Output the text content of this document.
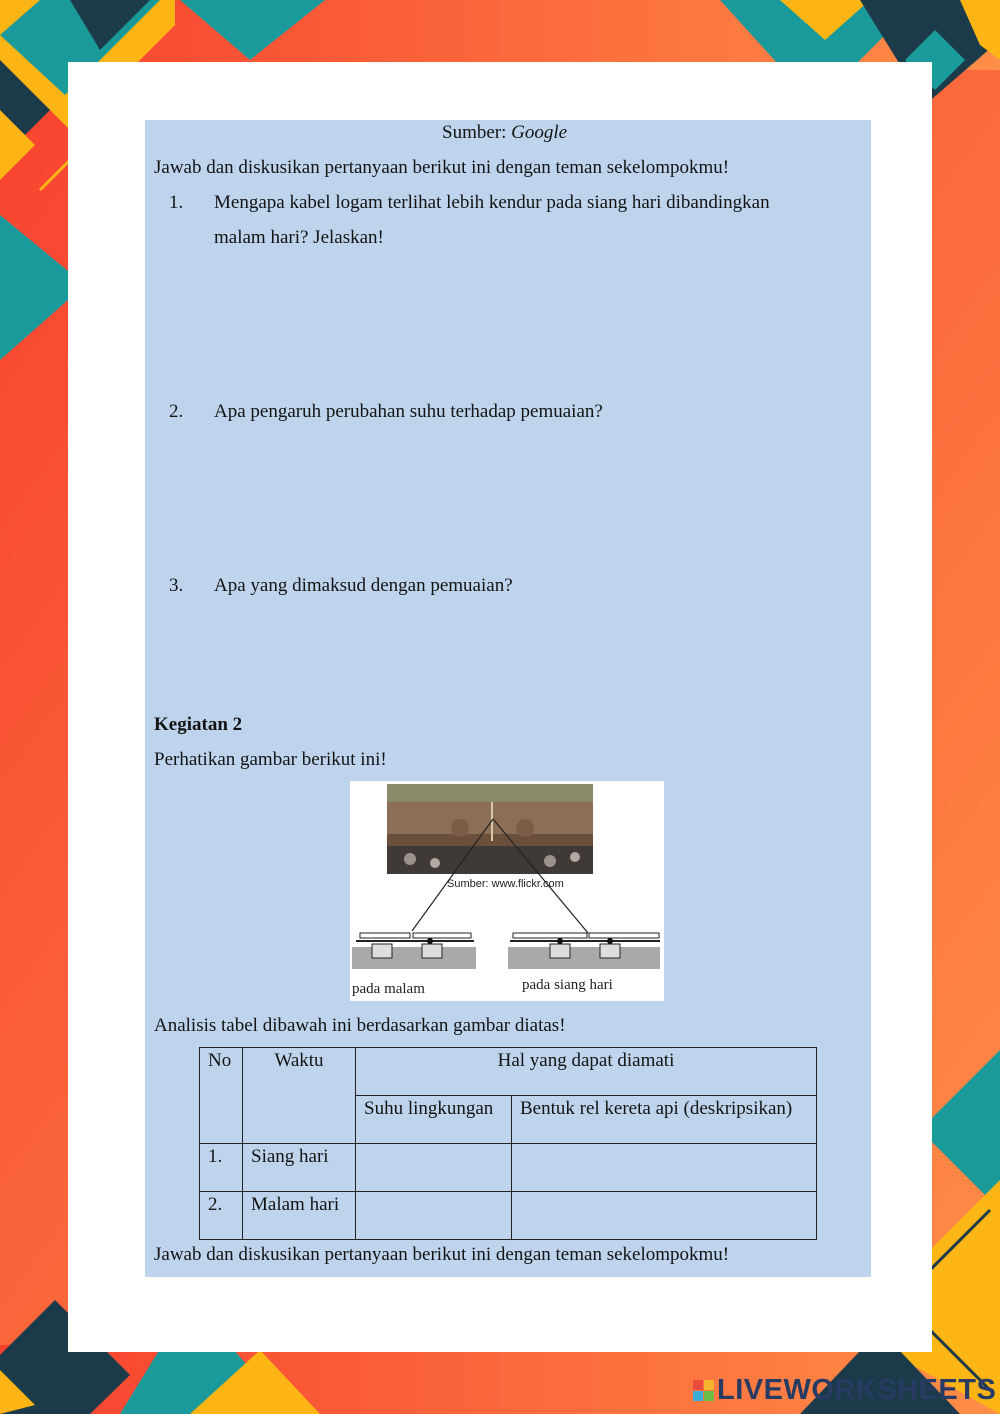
Sumber: Google
Jawab dan diskusikan pertanyaan berikut ini dengan teman sekelompokmu!
1. Mengapa kabel logam terlihat lebih kendur pada siang hari dibandingkan
malam hari? Jelaskan!
2. Apa pengaruh perubahan suhu terhadap pemuaian?
3. Apa yang dimaksud dengan pemuaian?
Kegiatan 2
Perhatikan gambar berikut ini!
Sumber: www.flickr.com
pada malam	pada siang hari
Analisis tabel dibawah ini berdasarkan gambar diatas!
No	Waktu	Hal yang dapat diamati	
		Suhu lingkungan	Bentuk rel kereta api (deskripsikan)
1.	Siang hari		
2.	Malam hari		
Jawab dan diskusikan pertanyaan berikut ini dengan teman sekelompokmu!
LIVEWORKSHEETS
